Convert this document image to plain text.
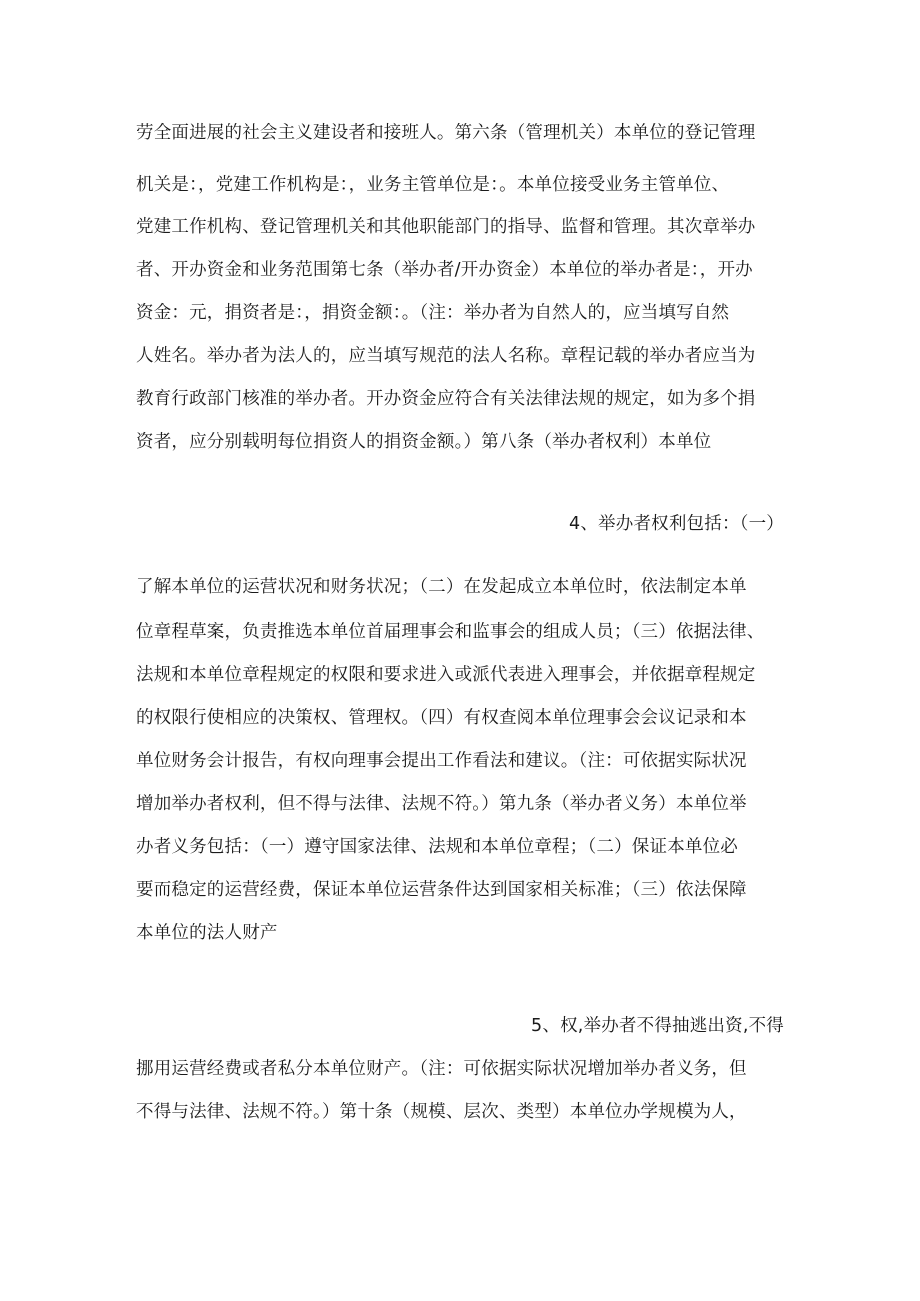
劳全面进展的社会主义建设者和接班人。第六条（管理机关）本单位的登记管理
机关是：，党建工作机构是：，业务主管单位是：。本单位接受业务主管单位、
党建工作机构、登记管理机关和其他职能部门的指导、监督和管理。其次章举办
者、开办资金和业务范围第七条（举办者/开办资金）本单位的举办者是：，开办
资金：元，捐资者是：，捐资金额：。（注：举办者为自然人的，应当填写自然
人姓名。举办者为法人的，应当填写规范的法人名称。章程记载的举办者应当为
教育行政部门核准的举办者。开办资金应符合有关法律法规的规定，如为多个捐
资者，应分别载明每位捐资人的捐资金额。）第八条（举办者权利）本单位
4、举办者权利包括：（一）
了解本单位的运营状况和财务状况；（二）在发起成立本单位时，依法制定本单
位章程草案，负责推选本单位首届理事会和监事会的组成人员；（三）依据法律、
法规和本单位章程规定的权限和要求进入或派代表进入理事会，并依据章程规定
的权限行使相应的决策权、管理权。（四）有权查阅本单位理事会会议记录和本
单位财务会计报告，有权向理事会提出工作看法和建议。（注：可依据实际状况
增加举办者权利，但不得与法律、法规不符。）第九条（举办者义务）本单位举
办者义务包括：（一）遵守国家法律、法规和本单位章程；（二）保证本单位必
要而稳定的运营经费，保证本单位运营条件达到国家相关标准；（三）依法保障
本单位的法人财产
5、权,举办者不得抽逃出资,不得
挪用运营经费或者私分本单位财产。（注：可依据实际状况增加举办者义务，但
不得与法律、法规不符。）第十条（规模、层次、类型）本单位办学规模为人，
